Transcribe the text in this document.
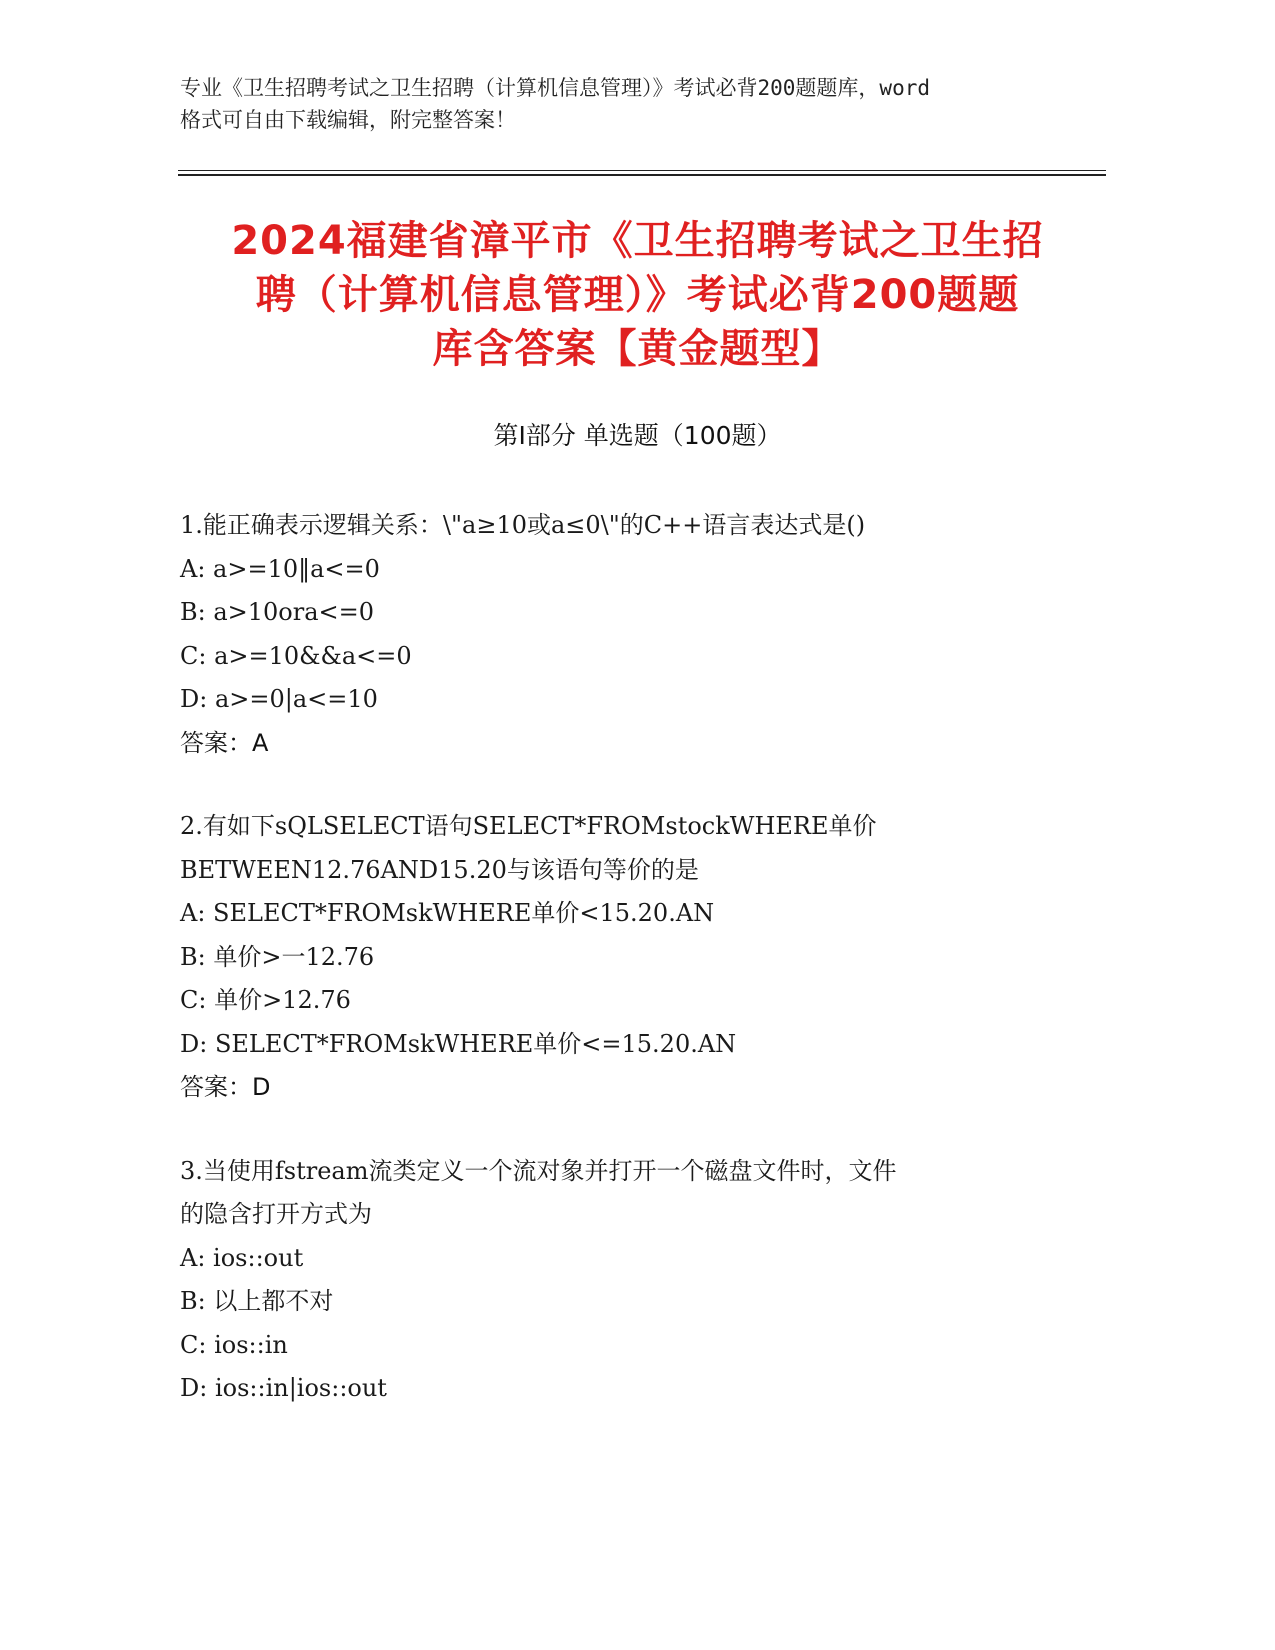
专业《卫生招聘考试之卫生招聘（计算机信息管理）》考试必背200题题库，word
格式可自由下载编辑，附完整答案！
2024福建省漳平市《卫生招聘考试之卫生招
聘（计算机信息管理）》考试必背200题题
库含答案【黄金题型】
第Ⅰ部分 单选题（100题）
1.能正确表示逻辑关系：\"a≥10或a≤0\"的C++语言表达式是()
A: a>=10‖a<=0
B: a>10ora<=0
C: a>=10&&a<=0
D: a>=0|a<=10
答案：A
2.有如下sQLSELECT语句SELECT*FROMstockWHERE单价
BETWEEN12.76AND15.20与该语句等价的是
A: SELECT*FROMskWHERE单价<15.20.AN
B: 单价>一12.76
C: 单价>12.76
D: SELECT*FROMskWHERE单价<=15.20.AN
答案：D
3.当使用fstream流类定义一个流对象并打开一个磁盘文件时，文件
的隐含打开方式为
A: ios::out
B: 以上都不对
C: ios::in
D: ios::in|ios::out
